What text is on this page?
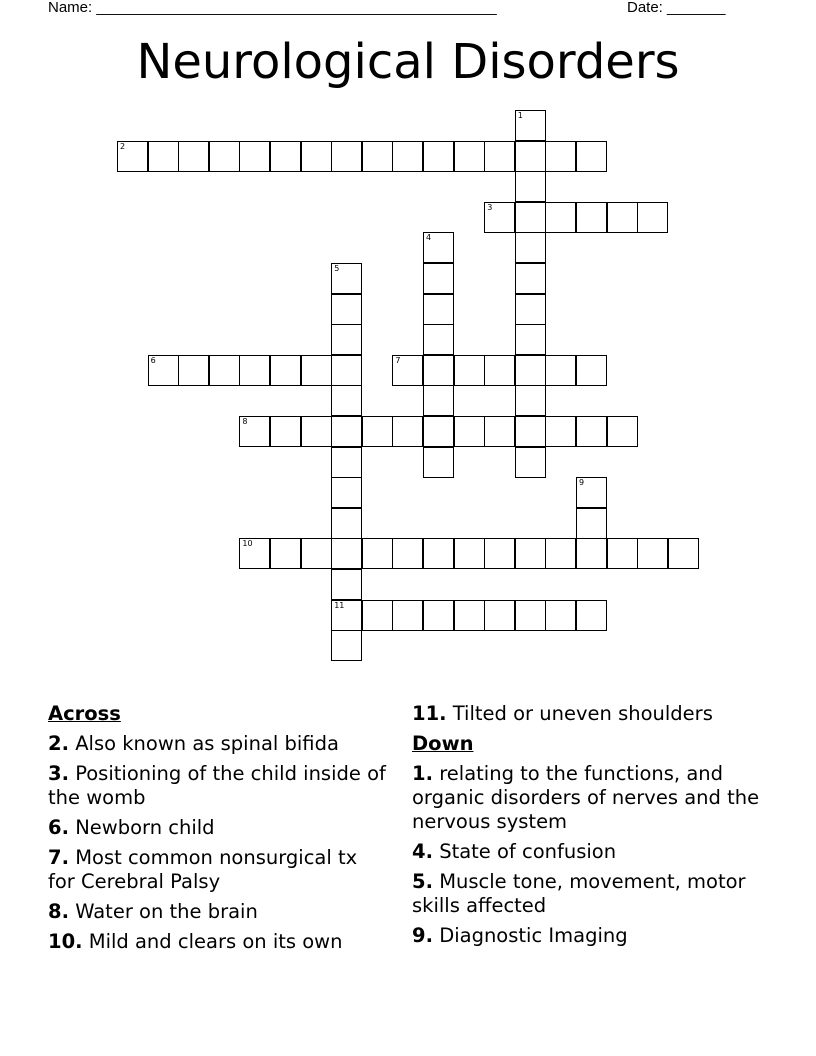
Name: ________________________________________________	Date: _______
Neurological Disorders
1
2
3
4
5
6	7
8
9
10
11
Across
2. Also known as spinal bifida
3. Positioning of the child inside of the womb
6. Newborn child
7. Most common nonsurgical tx for Cerebral Palsy
8. Water on the brain
10. Mild and clears on its own
11. Tilted or uneven shoulders
Down
1. relating to the functions, and organic disorders of nerves and the nervous system
4. State of confusion
5. Muscle tone, movement, motor skills affected
9. Diagnostic Imaging
